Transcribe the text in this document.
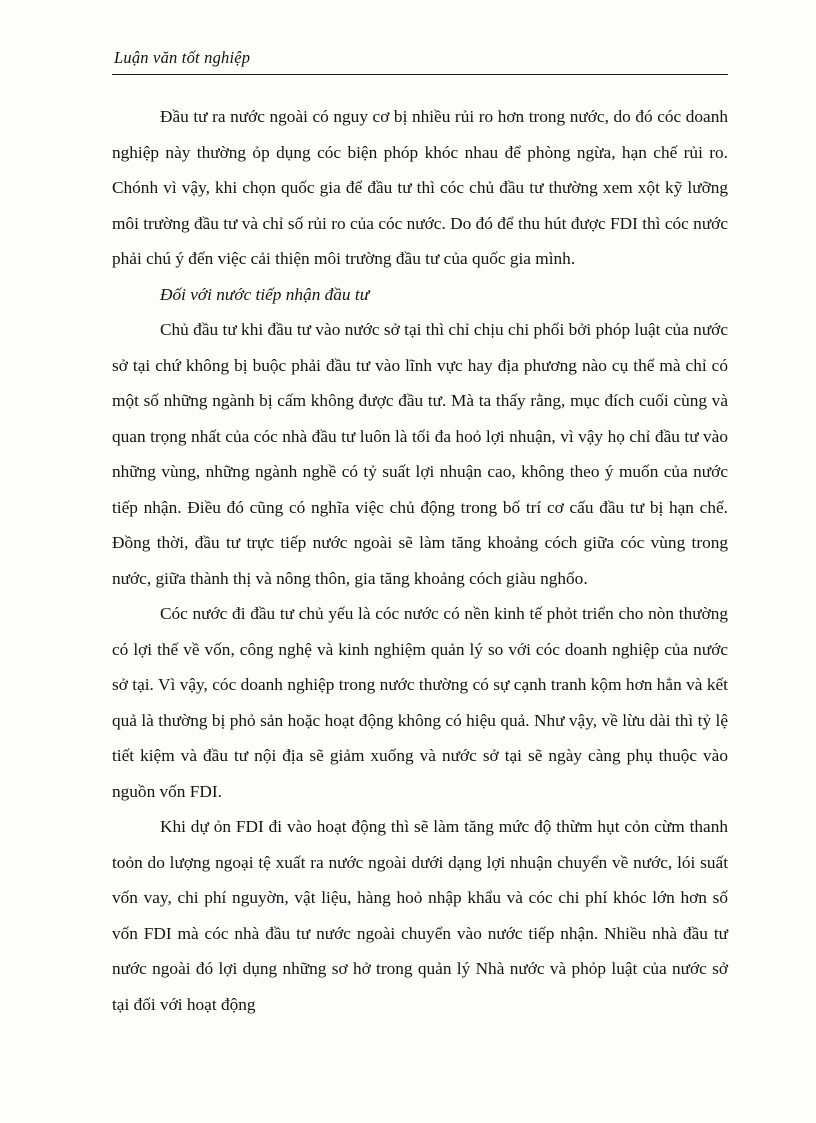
Luận văn tốt nghiệp

Đầu tư ra nước ngoài có nguy cơ bị nhiều rủi ro hơn trong nước, do đó cóc doanh nghiệp này thường ỏp dụng cóc biện phóp khóc nhau để phòng ngừa, hạn chế rủi ro. Chónh vì vậy, khi chọn quốc gia để đầu tư thì cóc chủ đầu tư thường xem xột kỹ lưỡng môi trường đầu tư và chỉ số rủi ro của cóc nước. Do đó để thu hút được FDI thì cóc nước phải chú ý đến việc cải thiện môi trường đầu tư của quốc gia mình.

Đối với nước tiếp nhận đầu tư

Chủ đầu tư khi đầu tư vào nước sở tại thì chỉ chịu chi phối bởi phóp luật của nước sở tại chứ không bị buộc phải đầu tư vào lĩnh vực hay địa phương nào cụ thể mà chỉ có một số những ngành bị cấm không được đầu tư. Mà ta thấy rằng, mục đích cuối cùng và quan trọng nhất của cóc nhà đầu tư luôn là tối đa hoỏ lợi nhuận, vì vậy họ chỉ đầu tư vào những vùng, những ngành nghề có tỷ suất lợi nhuận cao, không theo ý muốn của nước tiếp nhận. Điều đó cũng có nghĩa việc chủ động trong bố trí cơ cấu đầu tư bị hạn chế. Đồng thời, đầu tư trực tiếp nước ngoài sẽ làm tăng khoảng cóch giữa cóc vùng trong nước, giữa thành thị và nông thôn, gia tăng khoảng cóch giàu nghốo.

Cóc nước đi đầu tư chủ yếu là cóc nước có nền kinh tế phỏt triển cho nòn thường có lợi thế về vốn, công nghệ và kinh nghiệm quản lý so với cóc doanh nghiệp của nước sở tại. Vì vậy, cóc doanh nghiệp trong nước thường có sự cạnh tranh kộm hơn hẳn và kết quả là thường bị phỏ sản hoặc hoạt động không có hiệu quả. Như vậy, về lừu dài thì tỷ lệ tiết kiệm và đầu tư nội địa sẽ giảm xuống và nước sở tại sẽ ngày càng phụ thuộc vào nguồn vốn FDI.

Khi dự ỏn FDI đi vào hoạt động thì sẽ làm tăng mức độ thừm hụt cỏn cừm thanh toỏn do lượng ngoại tệ xuất ra nước ngoài dưới dạng lợi nhuận chuyển về nước, lói suất vốn vay, chi phí nguyờn, vật liệu, hàng hoỏ nhập khẩu và cóc chi phí khóc lớn hơn số vốn FDI mà cóc nhà đầu tư nước ngoài chuyển vào nước tiếp nhận. Nhiều nhà đầu tư nước ngoài đó lợi dụng những sơ hở trong quản lý Nhà nước và phỏp luật của nước sở tại đối với hoạt động
